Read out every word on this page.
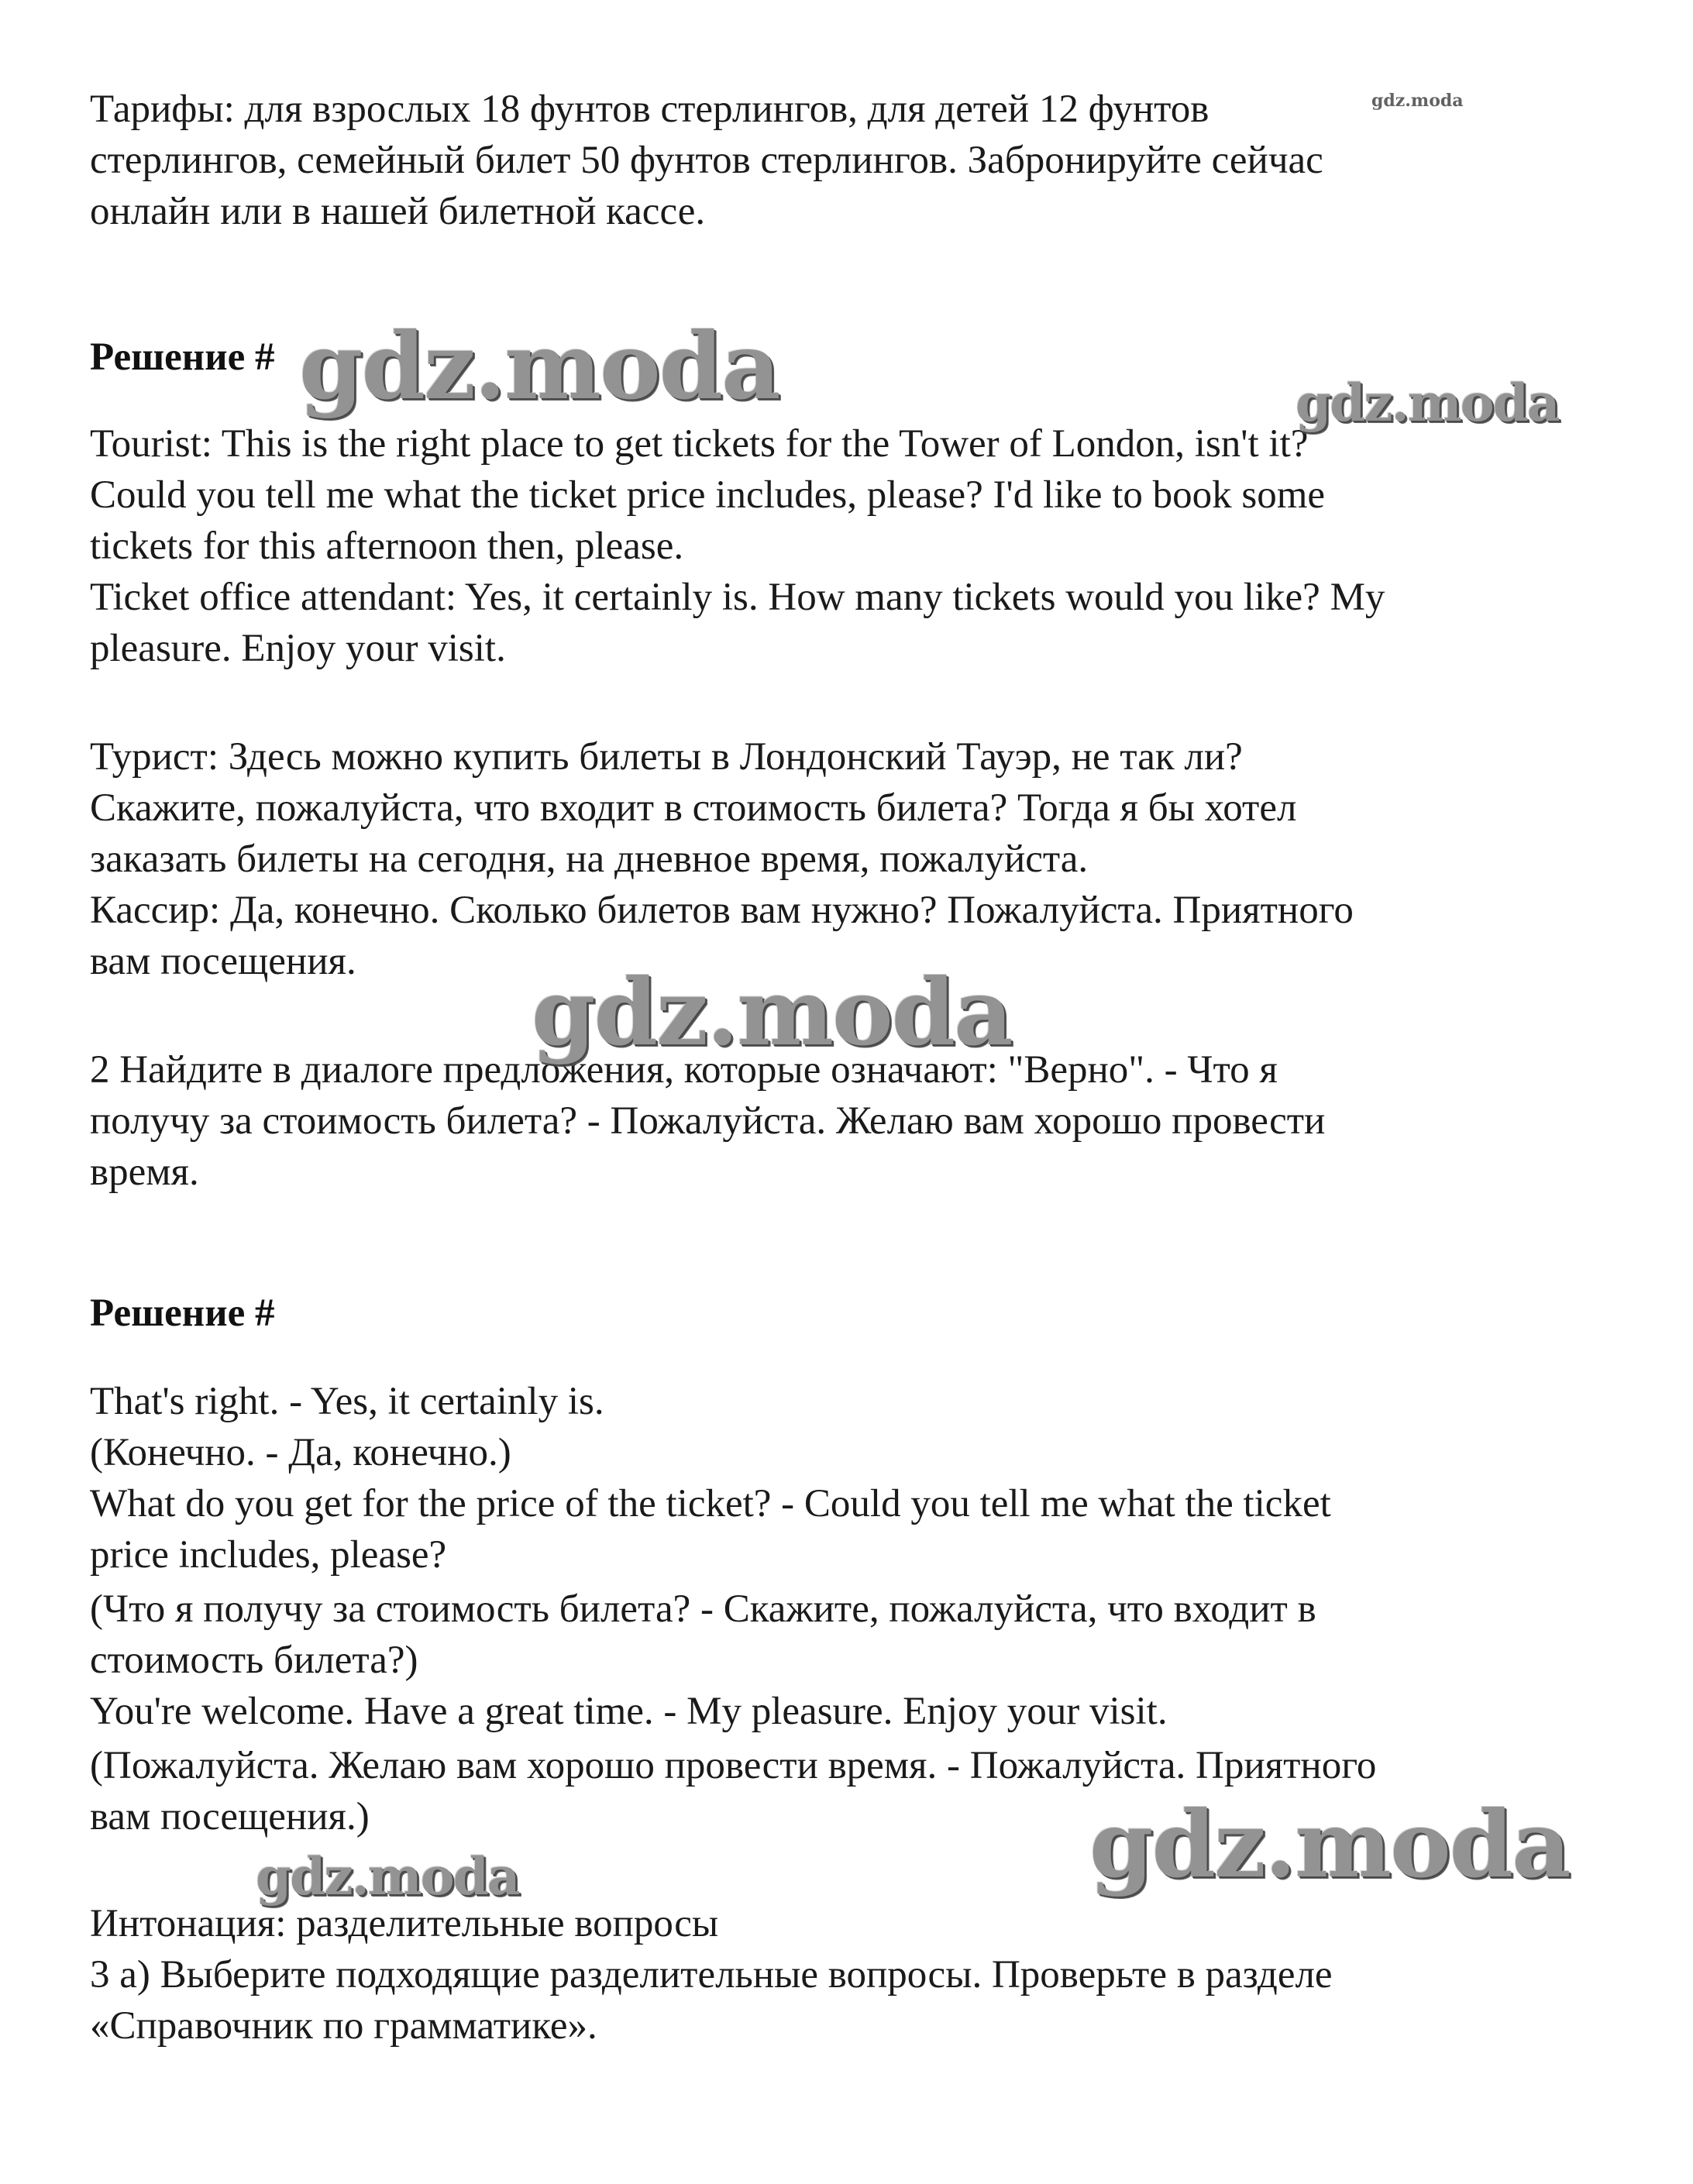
Тарифы: для взрослых 18 фунтов стерлингов, для детей 12 фунтов
стерлингов, семейный билет 50 фунтов стерлингов. Забронируйте сейчас
онлайн или в нашей билетной кассе.
Решение #
Tourist: This is the right place to get tickets for the Tower of London, isn't it?
Could you tell me what the ticket price includes, please? I'd like to book some
tickets for this afternoon then, please.
Ticket office attendant: Yes, it certainly is. How many tickets would you like? My
pleasure. Enjoy your visit.
Турист: Здесь можно купить билеты в Лондонский Тауэр, не так ли?
Скажите, пожалуйста, что входит в стоимость билета? Тогда я бы хотел
заказать билеты на сегодня, на дневное время, пожалуйста.
Кассир: Да, конечно. Сколько билетов вам нужно? Пожалуйста. Приятного
вам посещения.
2 Найдите в диалоге предложения, которые означают: "Верно". - Что я
получу за стоимость билета? - Пожалуйста. Желаю вам хорошо провести
время.
Решение #
That's right. - Yes, it certainly is.
(Конечно. - Да, конечно.)
What do you get for the price of the ticket? - Could you tell me what the ticket
price includes, please?
(Что я получу за стоимость билета? - Скажите, пожалуйста, что входит в
стоимость билета?)
You're welcome. Have a great time. - My pleasure. Enjoy your visit.
(Пожалуйста. Желаю вам хорошо провести время. - Пожалуйста. Приятного
вам посещения.)
Интонация: разделительные вопросы
3 a) Выберите подходящие разделительные вопросы. Проверьте в разделе
«Справочник по грамматике».
gdz.moda
gdz.moda	gdz.moda
gdz.moda
gdz.moda
gdz.moda
